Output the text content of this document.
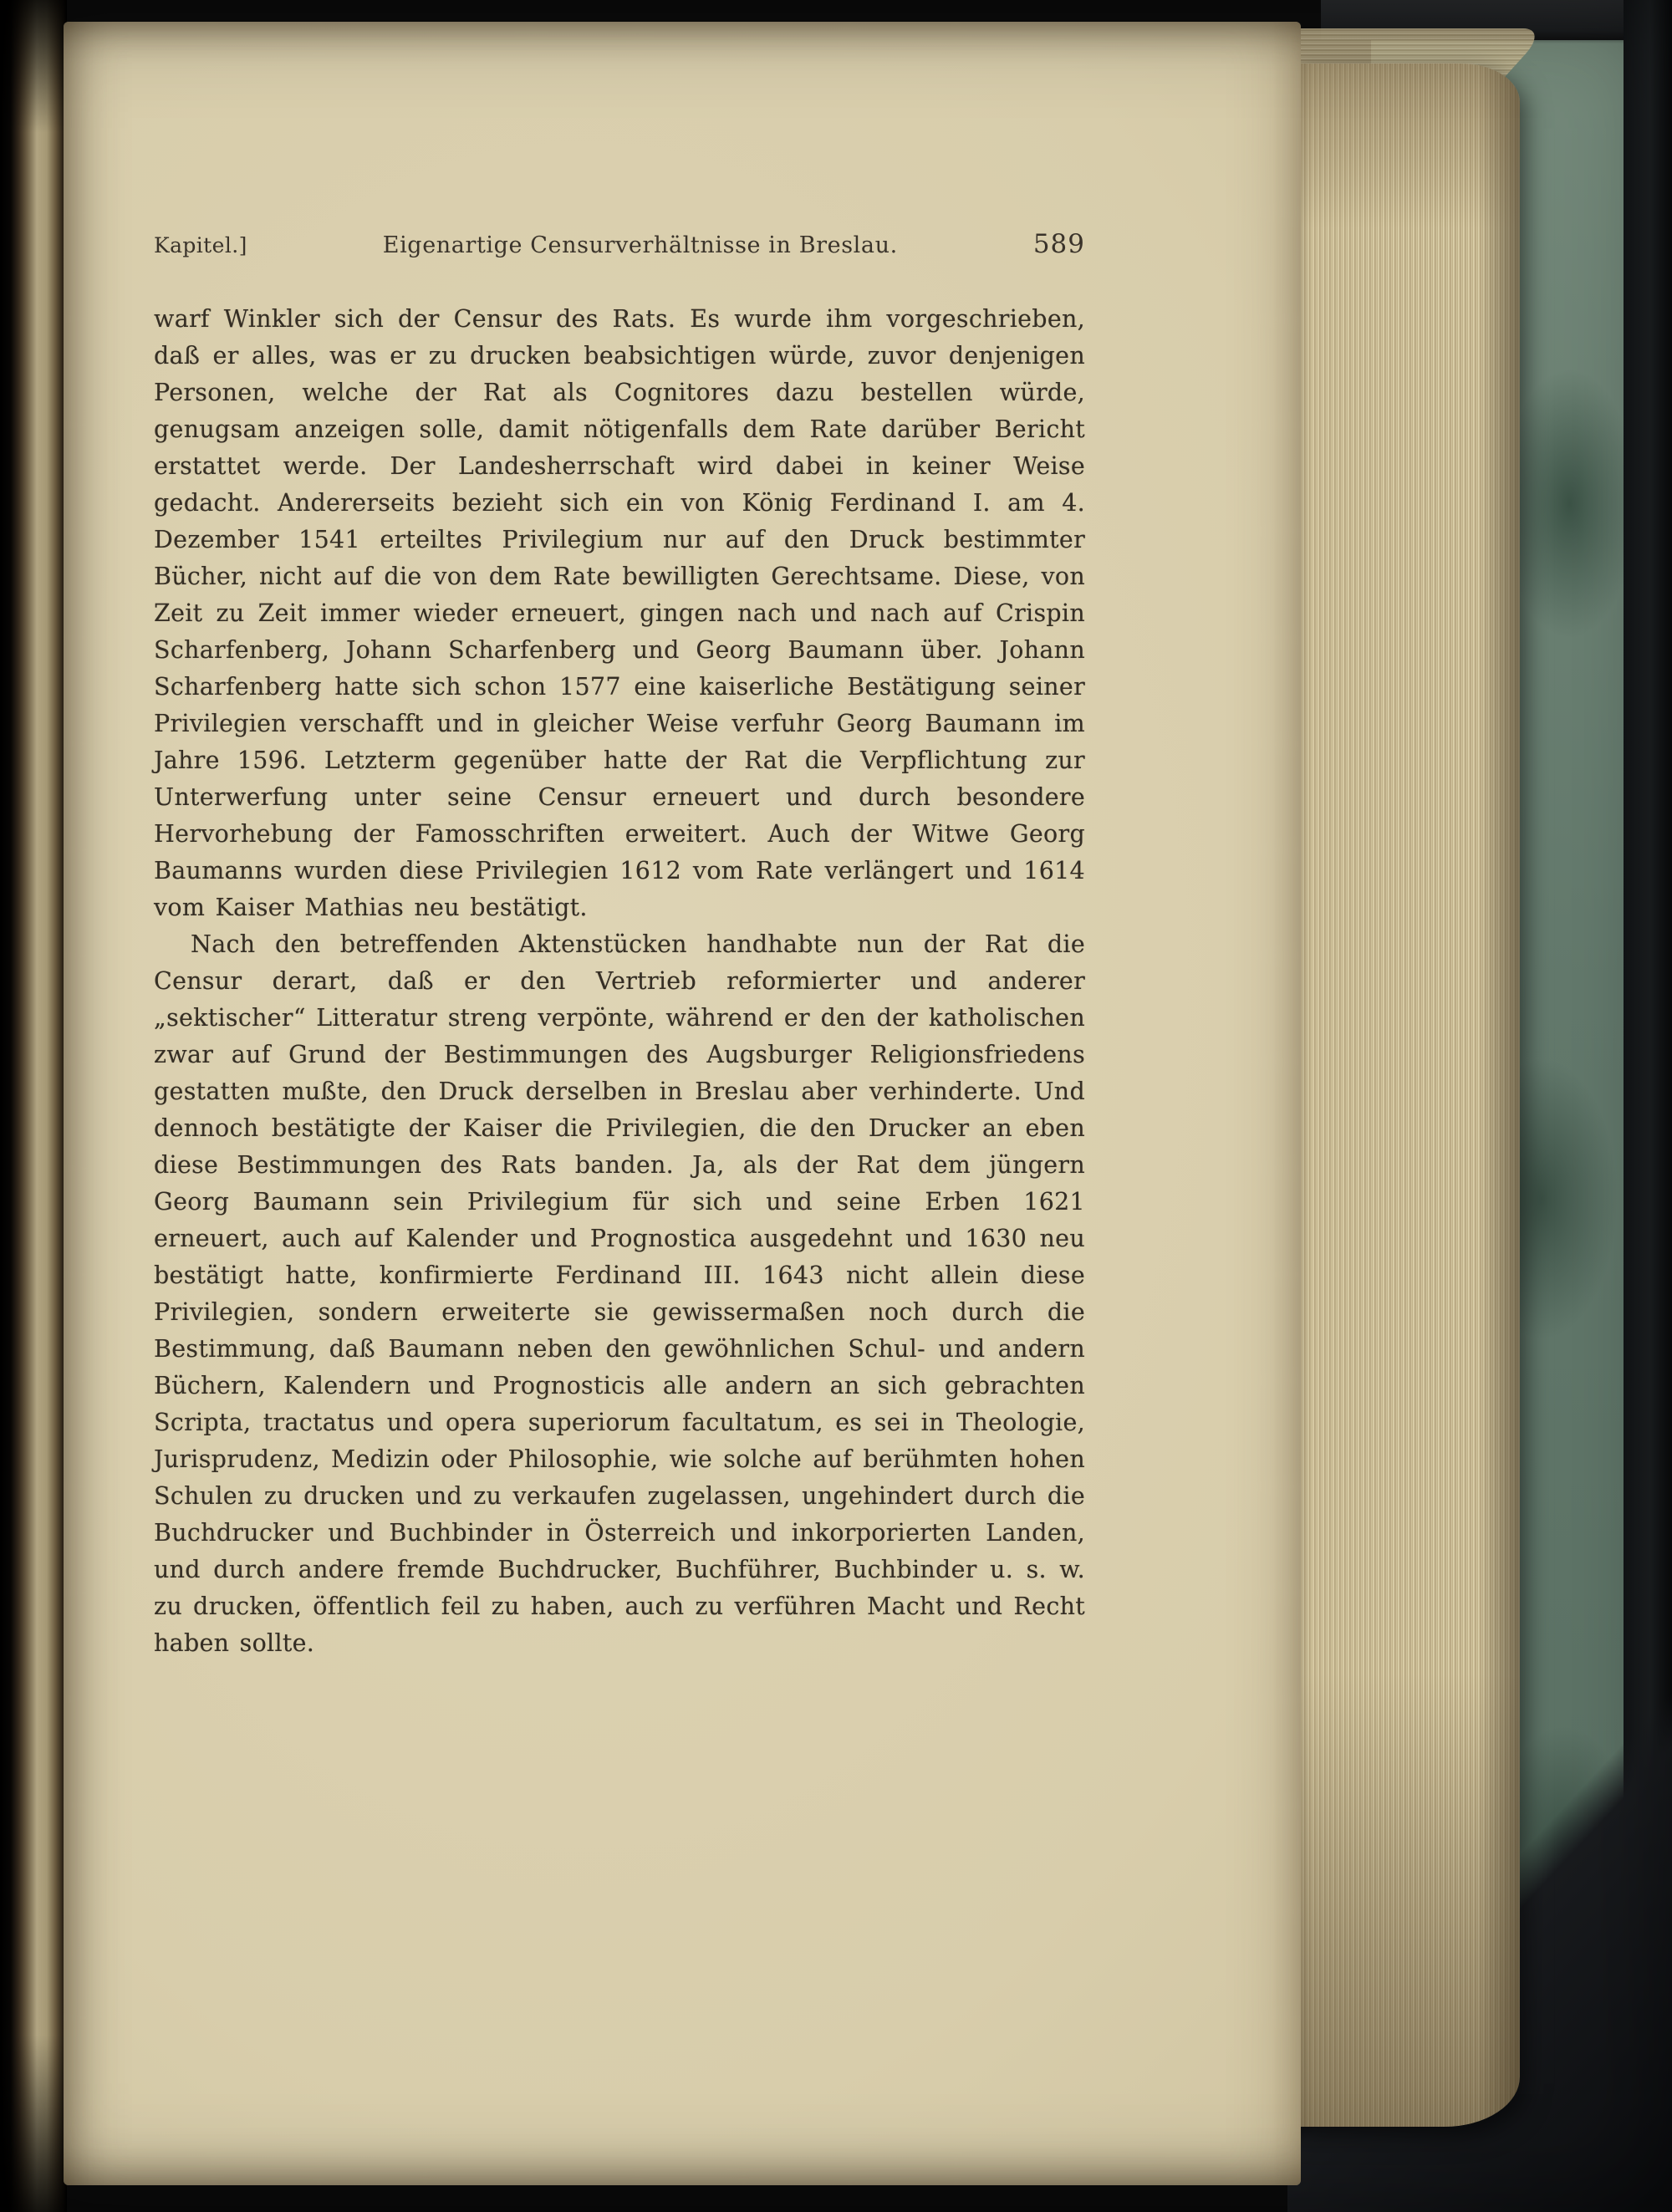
Kapitel.]	Eigenartige Censurverhältnisse in Breslau.	589

warf Winkler sich der Censur des Rats. Es wurde ihm vorgeschrieben, daß er alles, was er zu drucken beabsichtigen würde, zuvor denjenigen Personen, welche der Rat als Cognitores dazu bestellen würde, genugsam anzeigen solle, damit nötigenfalls dem Rate darüber Bericht erstattet werde. Der Landesherrschaft wird dabei in keiner Weise gedacht. Andererseits bezieht sich ein von König Ferdinand I. am 4. Dezember 1541 erteiltes Privilegium nur auf den Druck bestimmter Bücher, nicht auf die von dem Rate bewilligten Gerechtsame. Diese, von Zeit zu Zeit immer wieder erneuert, gingen nach und nach auf Crispin Scharfenberg, Johann Scharfenberg und Georg Baumann über. Johann Scharfenberg hatte sich schon 1577 eine kaiserliche Bestätigung seiner Privilegien verschafft und in gleicher Weise verfuhr Georg Baumann im Jahre 1596. Letzterm gegenüber hatte der Rat die Verpflichtung zur Unterwerfung unter seine Censur erneuert und durch besondere Hervorhebung der Famosschriften erweitert. Auch der Witwe Georg Baumanns wurden diese Privilegien 1612 vom Rate verlängert und 1614 vom Kaiser Mathias neu bestätigt.

Nach den betreffenden Aktenstücken handhabte nun der Rat die Censur derart, daß er den Vertrieb reformierter und anderer „sektischer“ Litteratur streng verpönte, während er den der katholischen zwar auf Grund der Bestimmungen des Augsburger Religionsfriedens gestatten mußte, den Druck derselben in Breslau aber verhinderte. Und dennoch bestätigte der Kaiser die Privilegien, die den Drucker an eben diese Bestimmungen des Rats banden. Ja, als der Rat dem jüngern Georg Baumann sein Privilegium für sich und seine Erben 1621 erneuert, auch auf Kalender und Prognostica ausgedehnt und 1630 neu bestätigt hatte, konfirmierte Ferdinand III. 1643 nicht allein diese Privilegien, sondern erweiterte sie gewissermaßen noch durch die Bestimmung, daß Baumann neben den gewöhnlichen Schul- und andern Büchern, Kalendern und Prognosticis alle andern an sich gebrachten Scripta, tractatus und opera superiorum facultatum, es sei in Theologie, Jurisprudenz, Medizin oder Philosophie, wie solche auf berühmten hohen Schulen zu drucken und zu verkaufen zugelassen, ungehindert durch die Buchdrucker und Buchbinder in Österreich und inkorporierten Landen, und durch andere fremde Buchdrucker, Buchführer, Buchbinder u. s. w. zu drucken, öffentlich feil zu haben, auch zu verführen Macht und Recht haben sollte.
